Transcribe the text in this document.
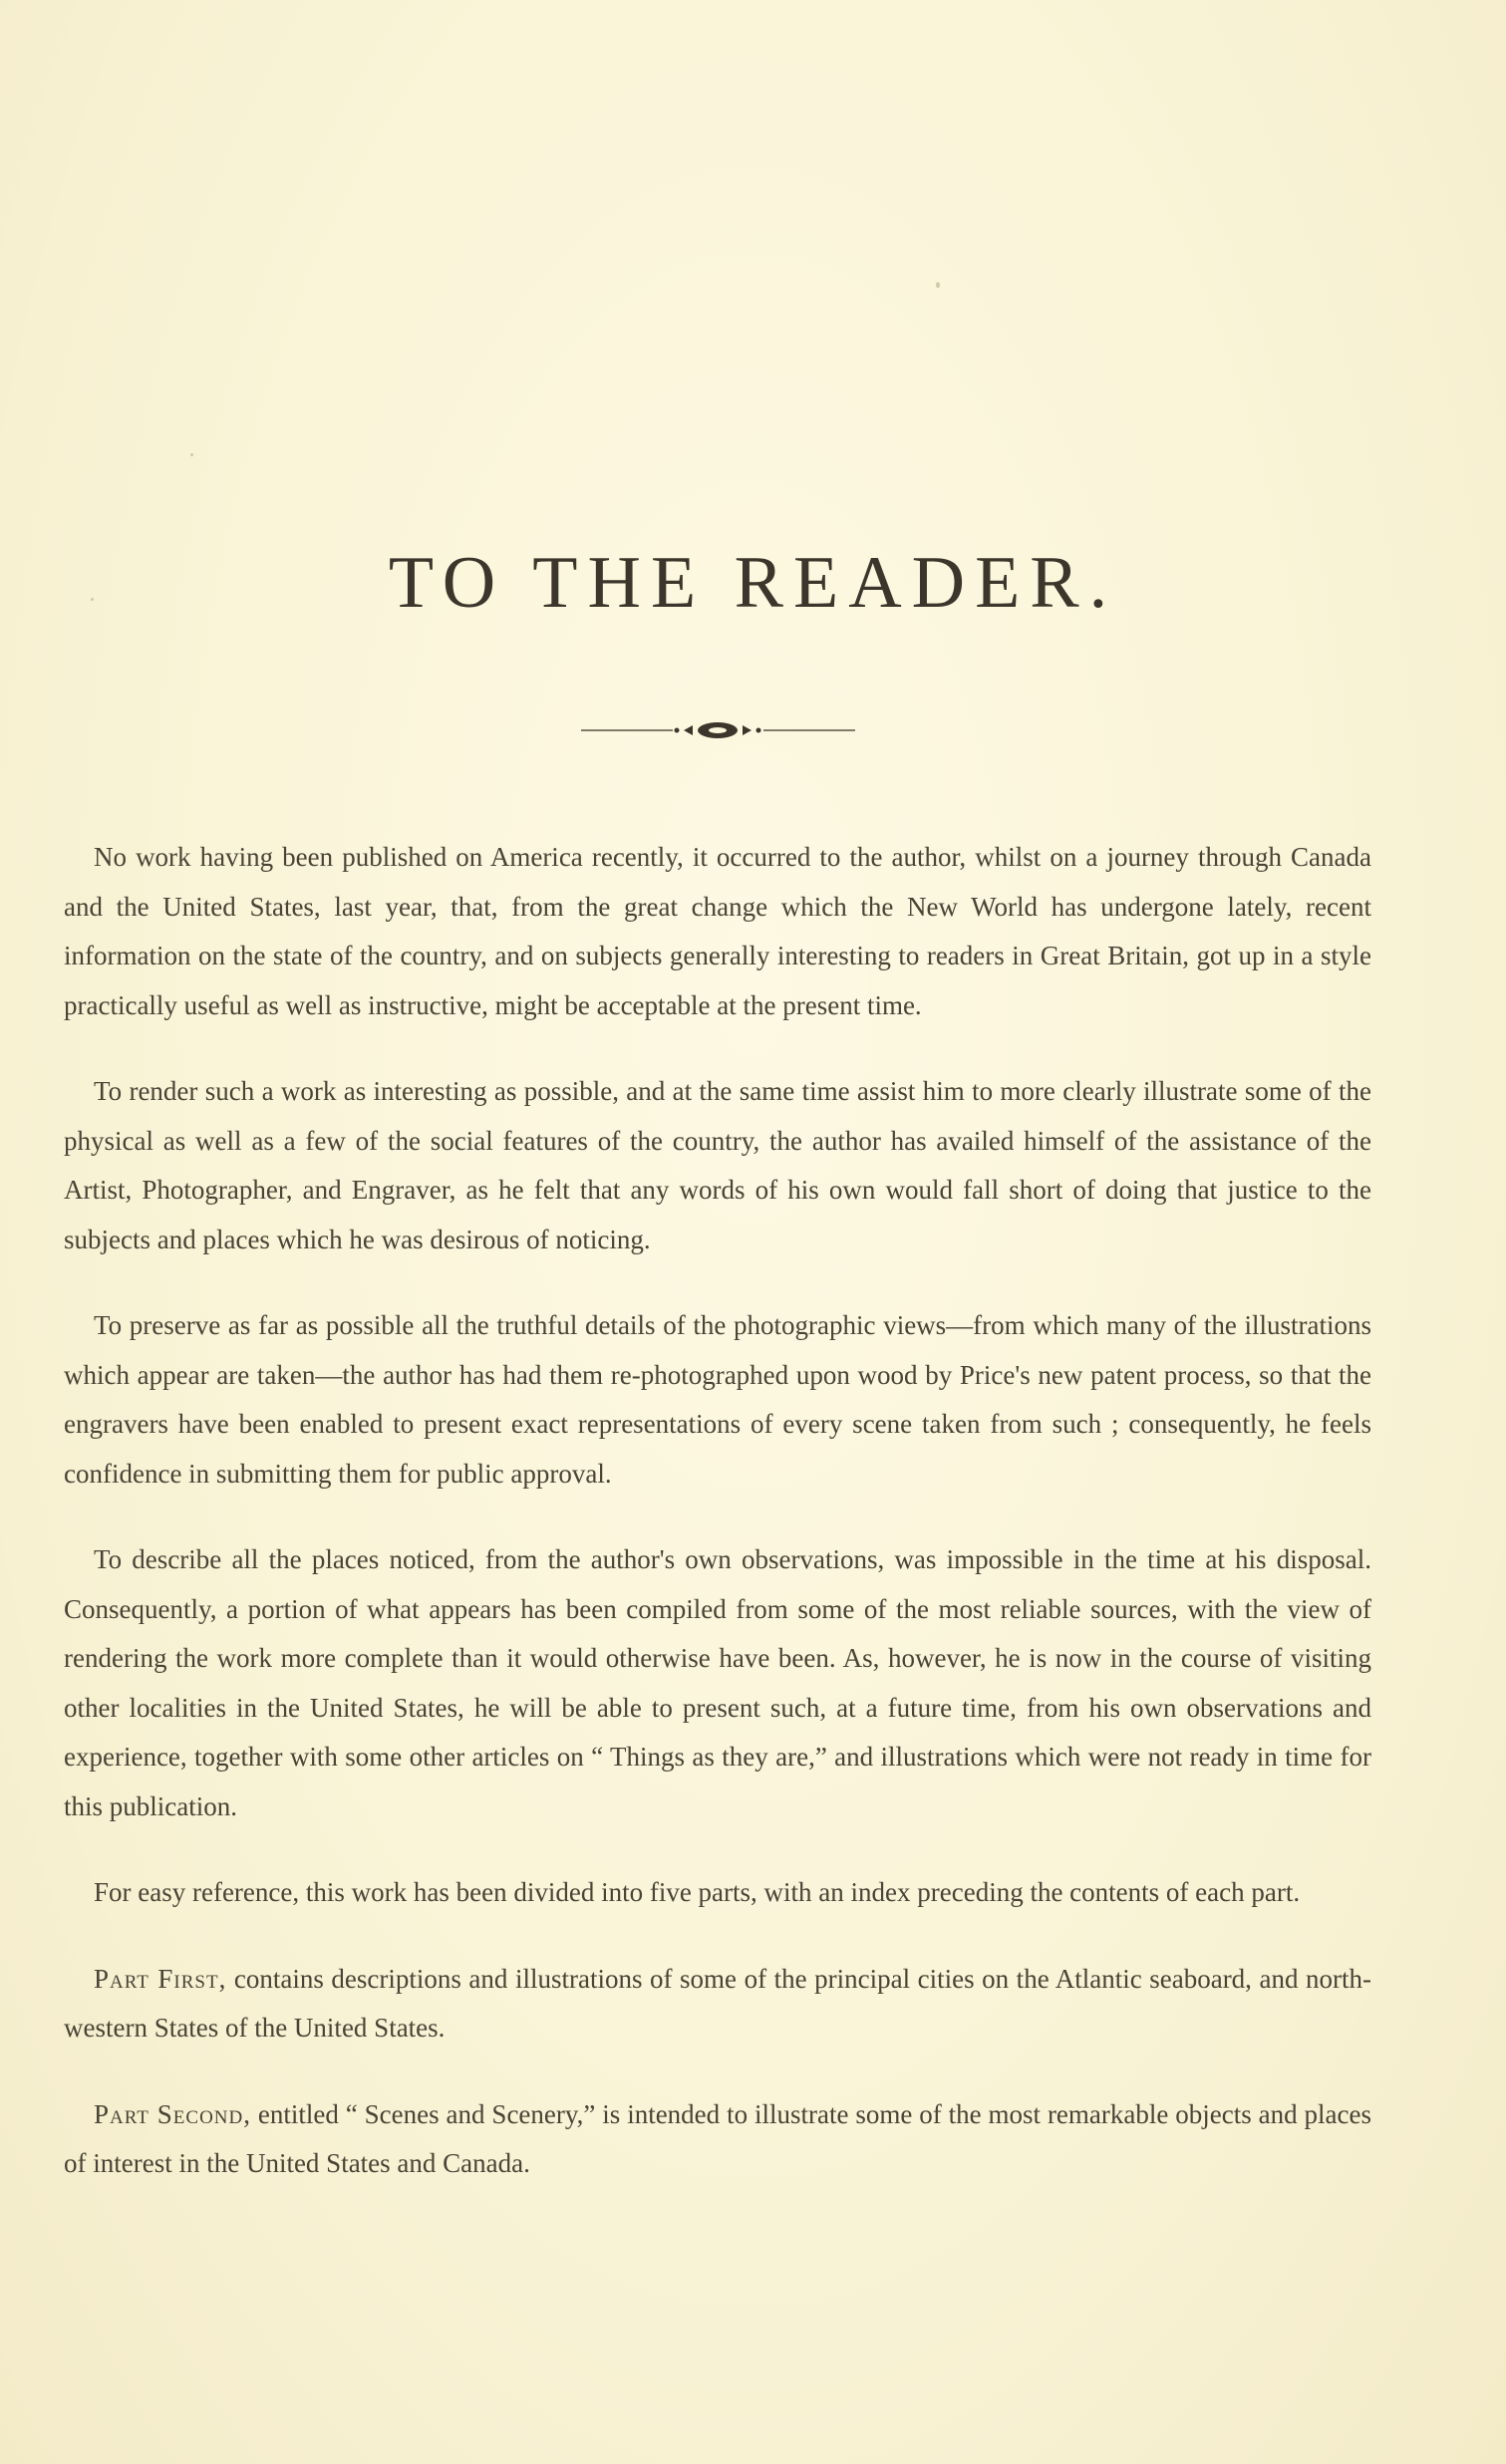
TO THE READER.

No work having been published on America recently, it occurred to the author, whilst on a journey through Canada and the United States, last year, that, from the great change which the New World has undergone lately, recent information on the state of the country, and on subjects generally interesting to readers in Great Britain, got up in a style practically useful as well as instructive, might be acceptable at the present time.

To render such a work as interesting as possible, and at the same time assist him to more clearly illustrate some of the physical as well as a few of the social features of the country, the author has availed himself of the assistance of the Artist, Photographer, and Engraver, as he felt that any words of his own would fall short of doing that justice to the subjects and places which he was desirous of noticing.

To preserve as far as possible all the truthful details of the photographic views—from which many of the illustrations which appear are taken—the author has had them re-photographed upon wood by Price's new patent process, so that the engravers have been enabled to present exact representations of every scene taken from such ; consequently, he feels confidence in submitting them for public approval.

To describe all the places noticed, from the author's own observations, was impossible in the time at his disposal. Consequently, a portion of what appears has been compiled from some of the most reliable sources, with the view of rendering the work more complete than it would otherwise have been. As, however, he is now in the course of visiting other localities in the United States, he will be able to present such, at a future time, from his own observations and experience, together with some other articles on “ Things as they are,” and illustrations which were not ready in time for this publication.

For easy reference, this work has been divided into five parts, with an index preceding the contents of each part.

Part First, contains descriptions and illustrations of some of the principal cities on the Atlantic seaboard, and north-western States of the United States.

Part Second, entitled “ Scenes and Scenery,” is intended to illustrate some of the most remarkable objects and places of interest in the United States and Canada.
